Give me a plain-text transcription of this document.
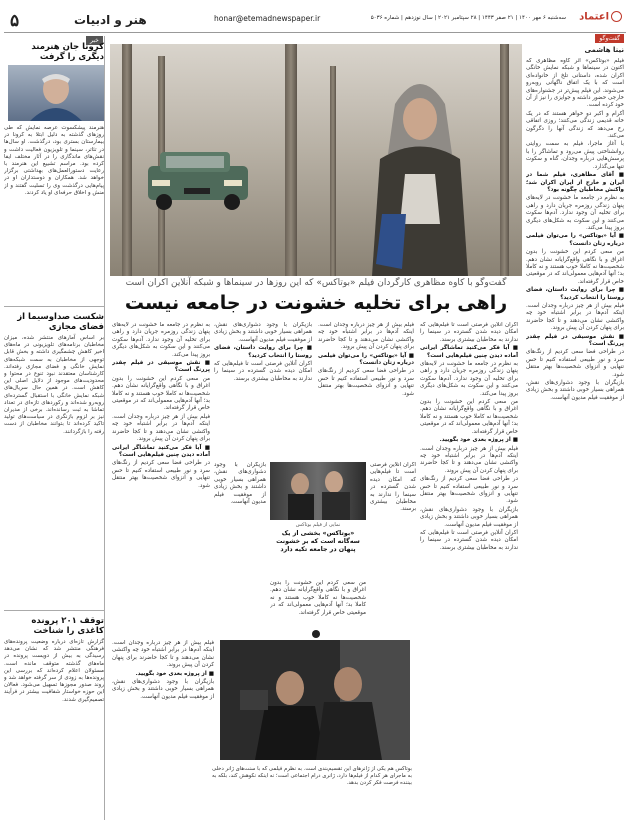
اعتماد
سه‌شنبه ۶ مهر ۱۴۰۰ | ۲۱ صفر ۱۴۴۳ | ۲۸ سپتامبر ۲۰۲۱ | سال نوزدهم | شماره ۵۰۳۶
honar@etemadnewspaper.ir
هنر و ادبیات
۵
گفت‌وگو
خبر
نینا هاشمی

فیلم «بوتاکس» اثر کاوه مظاهری که اکنون در سینماها و شبکه نمایش خانگی اکران شده، داستانی تلخ از خانواده‌ای است که با یک اتفاق ناگهانی روبه‌رو می‌شوند. این فیلم پیش‌تر در جشنواره‌های خارجی حضور داشته و جوایزی را نیز از آن خود کرده است.

آکرام و اکبر دو خواهر هستند که در یک خانه قدیمی زندگی می‌کنند؛ روزی اتفاقی رخ می‌دهد که زندگی آنها را دگرگون می‌کند.

با آغاز ماجرا، فیلم به سمت روایتی روانشناختی پیش می‌رود و تماشاگر را با پرسش‌هایی درباره وجدان، گناه و سکوت تنها می‌گذارد.

■ آقای مظاهری، فیلم شما در ایران و خارج از ایران اکران شد؛ واکنش مخاطبان چگونه بود؟

به نظرم در جامعه ما خشونت در لایه‌های پنهان زندگی روزمره جریان دارد و راهی برای تخلیه آن وجود ندارد. آدم‌ها سکوت می‌کنند و این سکوت به شکل‌های دیگری بروز پیدا می‌کند.

■ آیا «بوتاکس» را می‌توان فیلمی درباره زنان دانست؟

من سعی کردم این خشونت را بدون اغراق و با نگاهی واقع‌گرایانه نشان دهم. شخصیت‌ها نه کاملا خوب هستند و نه کاملا بد؛ آنها آدم‌هایی معمولی‌اند که در موقعیتی خاص قرار گرفته‌اند.

■ چرا برای روایت داستان، فضای روستا را انتخاب کردید؟

فیلم بیش از هر چیز درباره وجدان است. اینکه آدم‌ها در برابر اشتباه خود چه واکنشی نشان می‌دهند و تا کجا حاضرند برای پنهان کردن آن پیش بروند.

■ نقش موسیقی در فیلم چقدر پررنگ است؟

در طراحی فضا سعی کردیم از رنگ‌های سرد و نور طبیعی استفاده کنیم تا حس تنهایی و انزوای شخصیت‌ها بهتر منتقل شود.

بازیگران با وجود دشواری‌های نقش، همراهی بسیار خوبی داشتند و بخش زیادی از موفقیت فیلم مدیون آنهاست.

گفت‌وگو با کاوه مظاهری کارگردان فیلم «بوتاکس» که این روزها در سینماها و شبکه آنلاین اکران است
راهی برای تخلیه خشونت در جامعه نیست

اکران آنلاین فرصتی است تا فیلم‌هایی که امکان دیده شدن گسترده در سینما را ندارند به مخاطبان بیشتری برسند.

■ آیا فکر می‌کنید تماشاگر ایرانی آماده دیدن چنین فیلم‌هایی است؟

به نظرم در جامعه ما خشونت در لایه‌های پنهان زندگی روزمره جریان دارد و راهی برای تخلیه آن وجود ندارد. آدم‌ها سکوت می‌کنند و این سکوت به شکل‌های دیگری بروز پیدا می‌کند.

من سعی کردم این خشونت را بدون اغراق و با نگاهی واقع‌گرایانه نشان دهم. شخصیت‌ها نه کاملا خوب هستند و نه کاملا بد؛ آنها آدم‌هایی معمولی‌اند که در موقعیتی خاص قرار گرفته‌اند.

■ از پروژه بعدی خود بگویید.

فیلم بیش از هر چیز درباره وجدان است. اینکه آدم‌ها در برابر اشتباه خود چه واکنشی نشان می‌دهند و تا کجا حاضرند برای پنهان کردن آن پیش بروند.

در طراحی فضا سعی کردیم از رنگ‌های سرد و نور طبیعی استفاده کنیم تا حس تنهایی و انزوای شخصیت‌ها بهتر منتقل شود.

بازیگران با وجود دشواری‌های نقش، همراهی بسیار خوبی داشتند و بخش زیادی از موفقیت فیلم مدیون آنهاست.

اکران آنلاین فرصتی است تا فیلم‌هایی که امکان دیده شدن گسترده در سینما را ندارند به مخاطبان بیشتری برسند.

فیلم بیش از هر چیز درباره وجدان است. اینکه آدم‌ها در برابر اشتباه خود چه واکنشی نشان می‌دهند و تا کجا حاضرند برای پنهان کردن آن پیش بروند.

■ آیا «بوتاکس» را می‌توان فیلمی درباره زنان دانست؟

در طراحی فضا سعی کردیم از رنگ‌های سرد و نور طبیعی استفاده کنیم تا حس تنهایی و انزوای شخصیت‌ها بهتر منتقل شود.

بازیگران با وجود دشواری‌های نقش، همراهی بسیار خوبی داشتند و بخش زیادی از موفقیت فیلم مدیون آنهاست.

■ چرا برای روایت داستان، فضای روستا را انتخاب کردید؟

اکران آنلاین فرصتی است تا فیلم‌هایی که امکان دیده شدن گسترده در سینما را ندارند به مخاطبان بیشتری برسند.

به نظرم در جامعه ما خشونت در لایه‌های پنهان زندگی روزمره جریان دارد و راهی برای تخلیه آن وجود ندارد. آدم‌ها سکوت می‌کنند و این سکوت به شکل‌های دیگری بروز پیدا می‌کند.

■ نقش موسیقی در فیلم چقدر پررنگ است؟

من سعی کردم این خشونت را بدون اغراق و با نگاهی واقع‌گرایانه نشان دهم. شخصیت‌ها نه کاملا خوب هستند و نه کاملا بد؛ آنها آدم‌هایی معمولی‌اند که در موقعیتی خاص قرار گرفته‌اند.

فیلم بیش از هر چیز درباره وجدان است. اینکه آدم‌ها در برابر اشتباه خود چه واکنشی نشان می‌دهند و تا کجا حاضرند برای پنهان کردن آن پیش بروند.

■ آیا فکر می‌کنید تماشاگر ایرانی آماده دیدن چنین فیلم‌هایی است؟

در طراحی فضا سعی کردیم از رنگ‌های سرد و نور طبیعی استفاده کنیم تا حس تنهایی و انزوای شخصیت‌ها بهتر منتقل شود.

بازیگران با وجود دشواری‌های نقش، همراهی بسیار خوبی داشتند و بخش زیادی از موفقیت فیلم مدیون آنهاست.

اکران آنلاین فرصتی است تا فیلم‌هایی که امکان دیده شدن گسترده در سینما را ندارند به مخاطبان بیشتری برسند.

نمایی از فیلم بوتاکس
«بوتاکس» بخشی از یک سه‌گانه است که بر خشونت پنهان در جامعه تکیه دارد

من سعی کردم این خشونت را بدون اغراق و با نگاهی واقع‌گرایانه نشان دهم. شخصیت‌ها نه کاملا خوب هستند و نه کاملا بد؛ آنها آدم‌هایی معمولی‌اند که در موقعیتی خاص قرار گرفته‌اند.

بوتاکس هم یکی از ژانرهای این تقسیم‌بندی است. به نظرم فیلمی که با سنت‌های ژانر دخلی به ماجرای هر کدام از فیلم‌ها دارد، ژانری درام اجتماعی است؛ نه اینکه نکوهش کند، بلکه به بیننده فرصت فکر کردن بدهد.

فیلم بیش از هر چیز درباره وجدان است. اینکه آدم‌ها در برابر اشتباه خود چه واکنشی نشان می‌دهند و تا کجا حاضرند برای پنهان کردن آن پیش بروند.

■ از پروژه بعدی خود بگویید.

بازیگران با وجود دشواری‌های نقش، همراهی بسیار خوبی داشتند و بخش زیادی از موفقیت فیلم مدیون آنهاست.

کرونا جان هنرمند دیگری را گرفت
هنرمند پیشکسوت عرصه نمایش که طی روزهای گذشته به دلیل ابتلا به کرونا در بیمارستان بستری بود، درگذشت. او سال‌ها در تئاتر، سینما و تلویزیون فعالیت داشت و نقش‌های ماندگاری را در آثار مختلف ایفا کرده بود. مراسم تشییع این هنرمند با رعایت دستورالعمل‌های بهداشتی برگزار خواهد شد. همکاران و دوستداران او در پیام‌هایی درگذشت وی را تسلیت گفتند و از منش و اخلاق حرفه‌ای او یاد کردند.
شکست صداوسیما از فضای مجازی
بر اساس آمارهای منتشر شده، میزان مخاطبان برنامه‌های تلویزیونی در ماه‌های اخیر کاهش چشمگیری داشته و بخش قابل توجهی از مخاطبان به سمت شبکه‌های نمایش خانگی و فضای مجازی رفته‌اند. کارشناسان معتقدند نبود تنوع در محتوا و محدودیت‌های موجود از دلایل اصلی این کاهش است. در همین حال سریال‌های شبکه نمایش خانگی با استقبال گسترده‌ای روبه‌رو شده‌اند و رکوردهای تازه‌ای در تعداد تماشا به ثبت رسانده‌اند. برخی از مدیران نیز بر لزوم بازنگری در سیاست‌های تولید تاکید کرده‌اند تا بتوانند مخاطبان از دست رفته را بازگردانند.
توقف ۲۰۱ پرونده کاغذی را شناخت
گزارش تازه‌ای درباره وضعیت پرونده‌های فرهنگی منتشر شد که نشان می‌دهد رسیدگی به بیش از دویست پرونده در ماه‌های گذشته متوقف مانده است. مسئولان اعلام کرده‌اند که بررسی این پرونده‌ها به زودی از سر گرفته خواهد شد و روند صدور مجوزها تسهیل می‌شود. فعالان این حوزه خواستار شفافیت بیشتر در فرآیند تصمیم‌گیری شدند.
